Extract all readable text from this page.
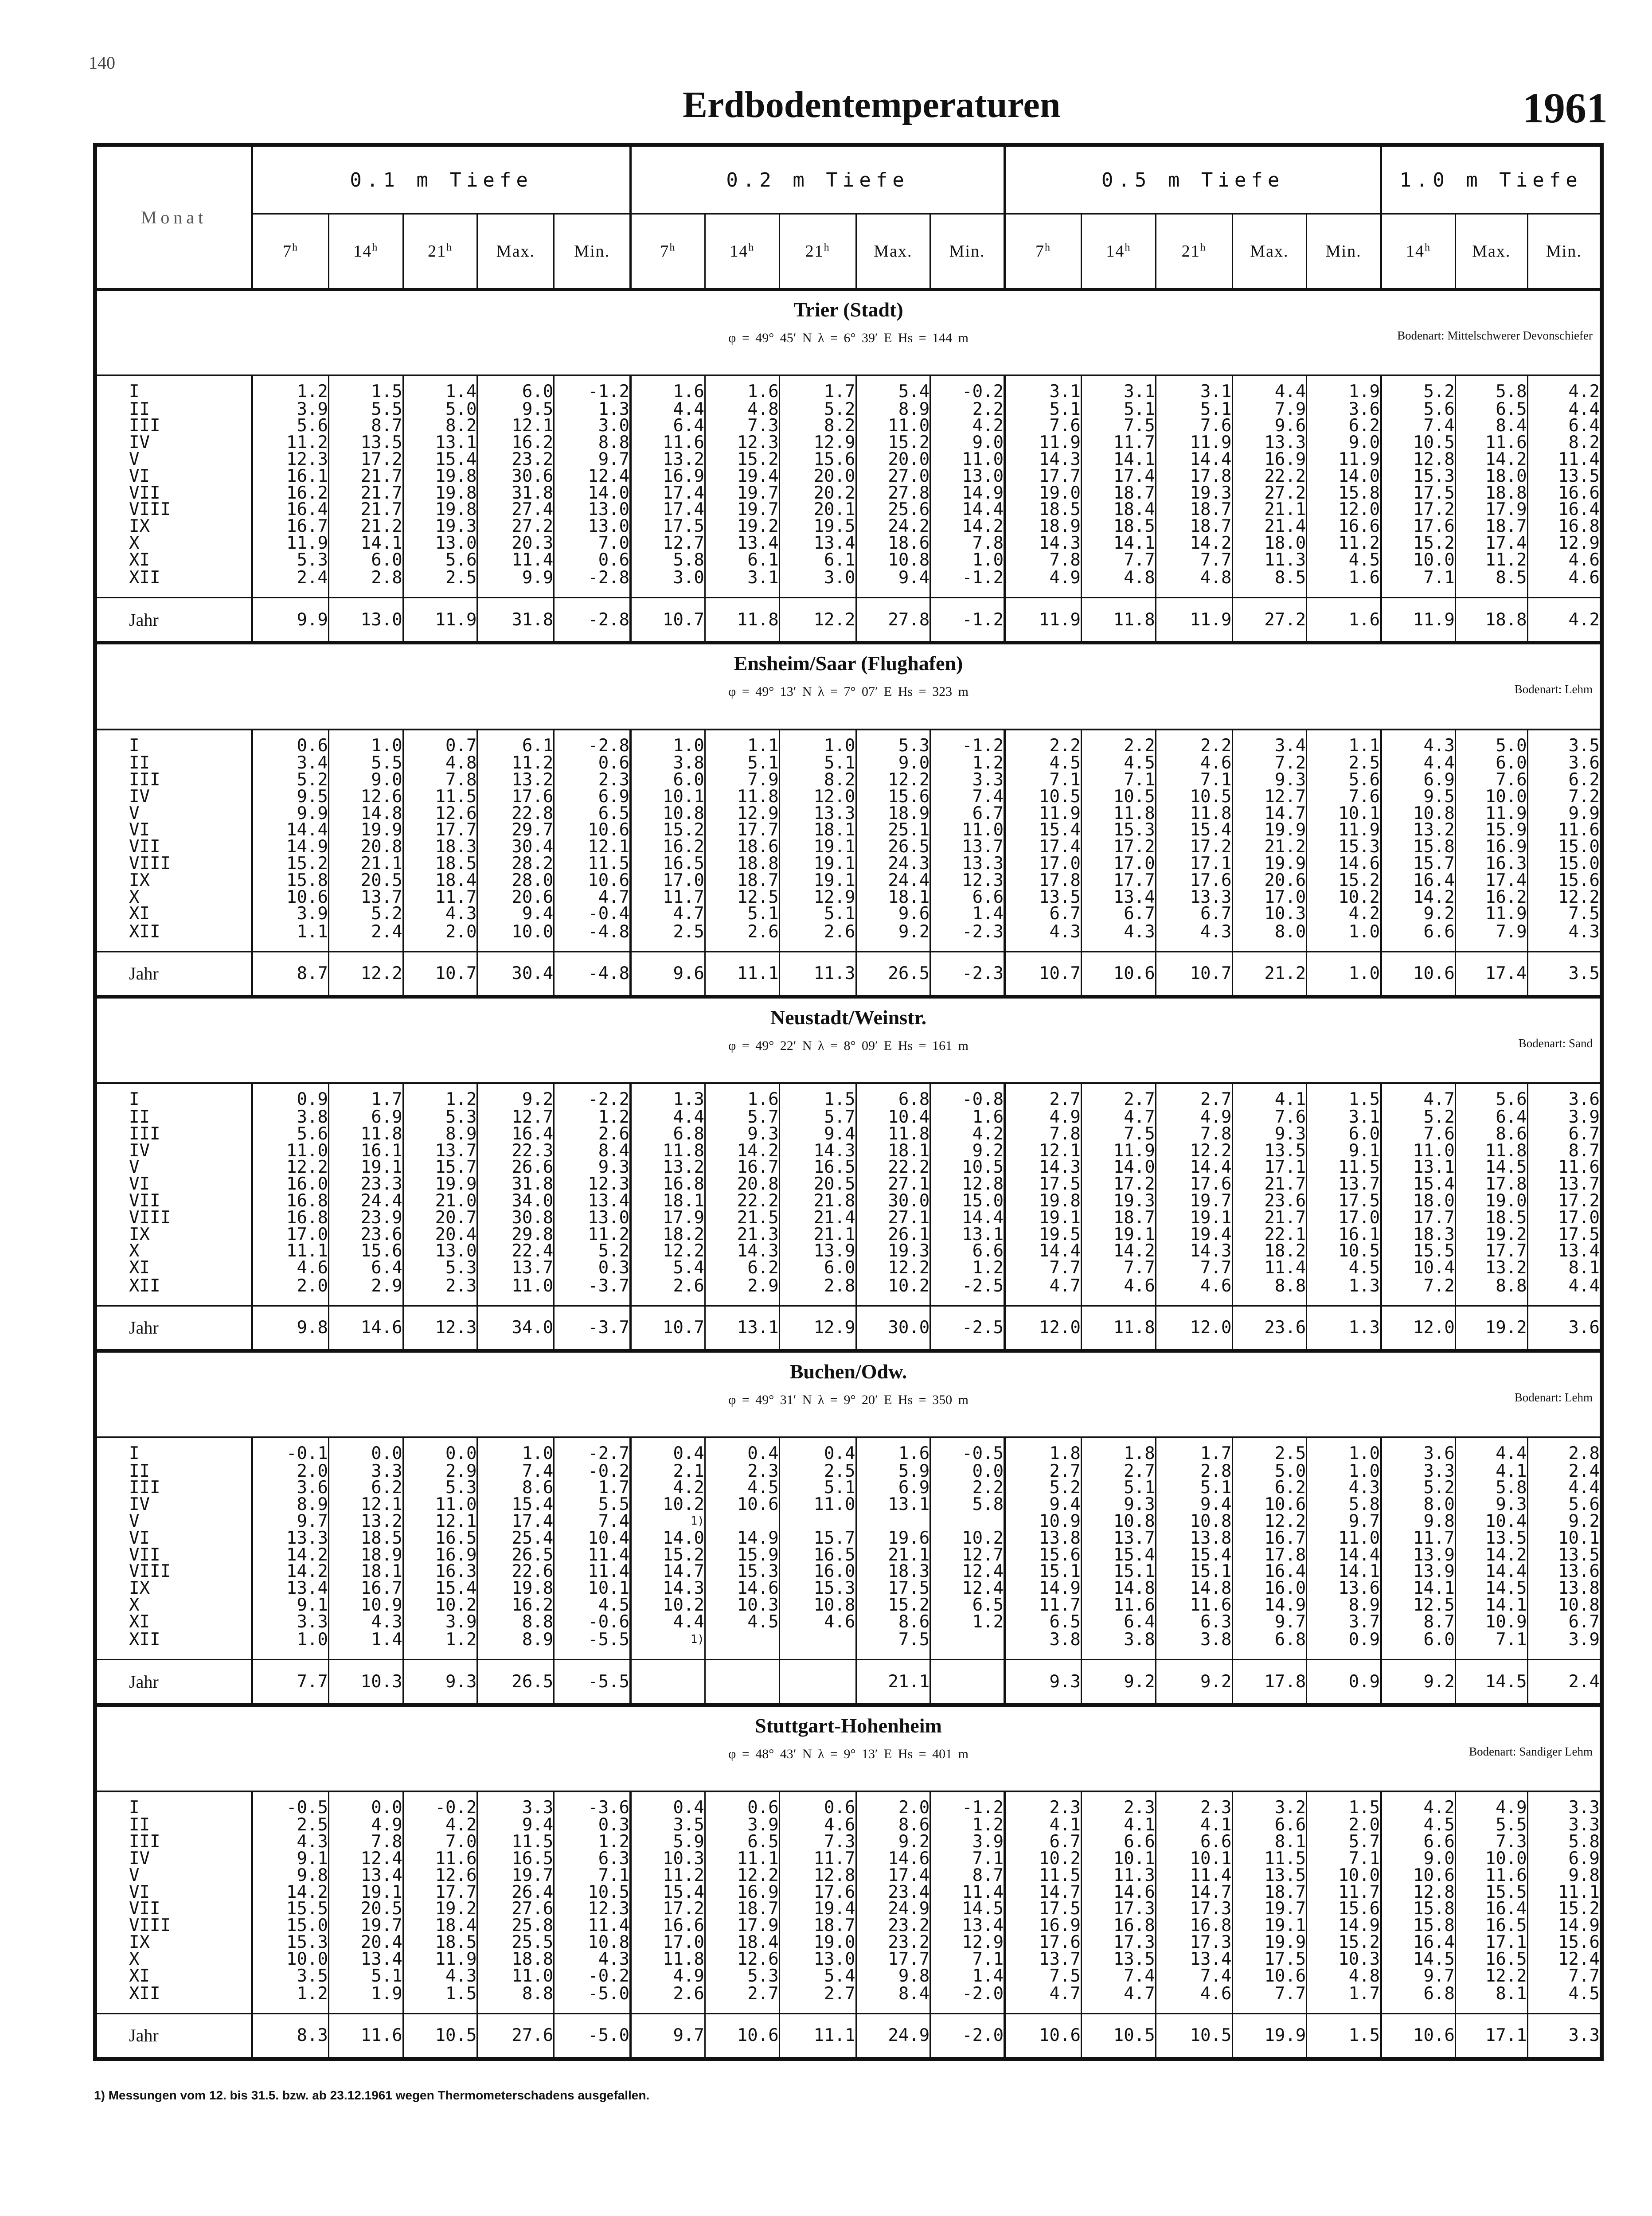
140
Erdbodentemperaturen	1961
Monat	0.1 m Tiefe					0.2 m Tiefe					0.5 m Tiefe					1.0 m Tiefe		
	7$^h$	14$^h$	21$^h$	Max.	Min.	7$^h$	14$^h$	21$^h$	Max.	Min.	7$^h$	14$^h$	21$^h$	Max.	Min.	14$^h$	Max.	Min.

Trier (Stadt)
φ = 49° 45′ N λ = 6° 39′ E Hs = 144 m Bodenart: Mittelschwerer Devonschiefer																		

I	1.2	1.5	1.4	6.0	-1.2	1.6	1.6	1.7	5.4	-0.2	3.1	3.1	3.1	4.4	1.9	5.2	5.8	4.2
II	3.9	5.5	5.0	9.5	1.3	4.4	4.8	5.2	8.9	2.2	5.1	5.1	5.1	7.9	3.6	5.6	6.5	4.4
III	5.6	8.7	8.2	12.1	3.0	6.4	7.3	8.2	11.0	4.2	7.6	7.5	7.6	9.6	6.2	7.4	8.4	6.4
IV	11.2	13.5	13.1	16.2	8.8	11.6	12.3	12.9	15.2	9.0	11.9	11.7	11.9	13.3	9.0	10.5	11.6	8.2
V	12.3	17.2	15.4	23.2	9.7	13.2	15.2	15.6	20.0	11.0	14.3	14.1	14.4	16.9	11.9	12.8	14.2	11.4
VI	16.1	21.7	19.8	30.6	12.4	16.9	19.4	20.0	27.0	13.0	17.7	17.4	17.8	22.2	14.0	15.3	18.0	13.5
VII	16.2	21.7	19.8	31.8	14.0	17.4	19.7	20.2	27.8	14.9	19.0	18.7	19.3	27.2	15.8	17.5	18.8	16.6
VIII	16.4	21.7	19.8	27.4	13.0	17.4	19.7	20.1	25.6	14.4	18.5	18.4	18.7	21.1	12.0	17.2	17.9	16.4
IX	16.7	21.2	19.3	27.2	13.0	17.5	19.2	19.5	24.2	14.2	18.9	18.5	18.7	21.4	16.6	17.6	18.7	16.8
X	11.9	14.1	13.0	20.3	7.0	12.7	13.4	13.4	18.6	7.8	14.3	14.1	14.2	18.0	11.2	15.2	17.4	12.9
XI	5.3	6.0	5.6	11.4	0.6	5.8	6.1	6.1	10.8	1.0	7.8	7.7	7.7	11.3	4.5	10.0	11.2	4.6
XII	2.4	2.8	2.5	9.9	-2.8	3.0	3.1	3.0	9.4	-1.2	4.9	4.8	4.8	8.5	1.6	7.1	8.5	4.6
Jahr	9.9	13.0	11.9	31.8	-2.8	10.7	11.8	12.2	27.8	-1.2	11.9	11.8	11.9	27.2	1.6	11.9	18.8	4.2

Ensheim/Saar (Flughafen)
φ = 49° 13′ N λ = 7° 07′ E Hs = 323 m Bodenart: Lehm																		

I	0.6	1.0	0.7	6.1	-2.8	1.0	1.1	1.0	5.3	-1.2	2.2	2.2	2.2	3.4	1.1	4.3	5.0	3.5
II	3.4	5.5	4.8	11.2	0.6	3.8	5.1	5.1	9.0	1.2	4.5	4.5	4.6	7.2	2.5	4.4	6.0	3.6
III	5.2	9.0	7.8	13.2	2.3	6.0	7.9	8.2	12.2	3.3	7.1	7.1	7.1	9.3	5.6	6.9	7.6	6.2
IV	9.5	12.6	11.5	17.6	6.9	10.1	11.8	12.0	15.6	7.4	10.5	10.5	10.5	12.7	7.6	9.5	10.0	7.2
V	9.9	14.8	12.6	22.8	6.5	10.8	12.9	13.3	18.9	6.7	11.9	11.8	11.8	14.7	10.1	10.8	11.9	9.9
VI	14.4	19.9	17.7	29.7	10.6	15.2	17.7	18.1	25.1	11.0	15.4	15.3	15.4	19.9	11.9	13.2	15.9	11.6
VII	14.9	20.8	18.3	30.4	12.1	16.2	18.6	19.1	26.5	13.7	17.4	17.2	17.2	21.2	15.3	15.8	16.9	15.0
VIII	15.2	21.1	18.5	28.2	11.5	16.5	18.8	19.1	24.3	13.3	17.0	17.0	17.1	19.9	14.6	15.7	16.3	15.0
IX	15.8	20.5	18.4	28.0	10.6	17.0	18.7	19.1	24.4	12.3	17.8	17.7	17.6	20.6	15.2	16.4	17.4	15.6
X	10.6	13.7	11.7	20.6	4.7	11.7	12.5	12.9	18.1	6.6	13.5	13.4	13.3	17.0	10.2	14.2	16.2	12.2
XI	3.9	5.2	4.3	9.4	-0.4	4.7	5.1	5.1	9.6	1.4	6.7	6.7	6.7	10.3	4.2	9.2	11.9	7.5
XII	1.1	2.4	2.0	10.0	-4.8	2.5	2.6	2.6	9.2	-2.3	4.3	4.3	4.3	8.0	1.0	6.6	7.9	4.3
Jahr	8.7	12.2	10.7	30.4	-4.8	9.6	11.1	11.3	26.5	-2.3	10.7	10.6	10.7	21.2	1.0	10.6	17.4	3.5

Neustadt/Weinstr.
φ = 49° 22′ N λ = 8° 09′ E Hs = 161 m Bodenart: Sand																		

I	0.9	1.7	1.2	9.2	-2.2	1.3	1.6	1.5	6.8	-0.8	2.7	2.7	2.7	4.1	1.5	4.7	5.6	3.6
II	3.8	6.9	5.3	12.7	1.2	4.4	5.7	5.7	10.4	1.6	4.9	4.7	4.9	7.6	3.1	5.2	6.4	3.9
III	5.6	11.8	8.9	16.4	2.6	6.8	9.3	9.4	11.8	4.2	7.8	7.5	7.8	9.3	6.0	7.6	8.6	6.7
IV	11.0	16.1	13.7	22.3	8.4	11.8	14.2	14.3	18.1	9.2	12.1	11.9	12.2	13.5	9.1	11.0	11.8	8.7
V	12.2	19.1	15.7	26.6	9.3	13.2	16.7	16.5	22.2	10.5	14.3	14.0	14.4	17.1	11.5	13.1	14.5	11.6
VI	16.0	23.3	19.9	31.8	12.3	16.8	20.8	20.5	27.1	12.8	17.5	17.2	17.6	21.7	13.7	15.4	17.8	13.7
VII	16.8	24.4	21.0	34.0	13.4	18.1	22.2	21.8	30.0	15.0	19.8	19.3	19.7	23.6	17.5	18.0	19.0	17.2
VIII	16.8	23.9	20.7	30.8	13.0	17.9	21.5	21.4	27.1	14.4	19.1	18.7	19.1	21.7	17.0	17.7	18.5	17.0
IX	17.0	23.6	20.4	29.8	11.2	18.2	21.3	21.1	26.1	13.1	19.5	19.1	19.4	22.1	16.1	18.3	19.2	17.5
X	11.1	15.6	13.0	22.4	5.2	12.2	14.3	13.9	19.3	6.6	14.4	14.2	14.3	18.2	10.5	15.5	17.7	13.4
XI	4.6	6.4	5.3	13.7	0.3	5.4	6.2	6.0	12.2	1.2	7.7	7.7	7.7	11.4	4.5	10.4	13.2	8.1
XII	2.0	2.9	2.3	11.0	-3.7	2.6	2.9	2.8	10.2	-2.5	4.7	4.6	4.6	8.8	1.3	7.2	8.8	4.4
Jahr	9.8	14.6	12.3	34.0	-3.7	10.7	13.1	12.9	30.0	-2.5	12.0	11.8	12.0	23.6	1.3	12.0	19.2	3.6

Buchen/Odw.
φ = 49° 31′ N λ = 9° 20′ E Hs = 350 m Bodenart: Lehm																		

I	-0.1	0.0	0.0	1.0	-2.7	0.4	0.4	0.4	1.6	-0.5	1.8	1.8	1.7	2.5	1.0	3.6	4.4	2.8
II	2.0	3.3	2.9	7.4	-0.2	2.1	2.3	2.5	5.9	0.0	2.7	2.7	2.8	5.0	1.0	3.3	4.1	2.4
III	3.6	6.2	5.3	8.6	1.7	4.2	4.5	5.1	6.9	2.2	5.2	5.1	5.1	6.2	4.3	5.2	5.8	4.4
IV	8.9	12.1	11.0	15.4	5.5	10.2	10.6	11.0	13.1	5.8	9.4	9.3	9.4	10.6	5.8	8.0	9.3	5.6
V	9.7	13.2	12.1	17.4	7.4	1)					10.9	10.8	10.8	12.2	9.7	9.8	10.4	9.2
VI	13.3	18.5	16.5	25.4	10.4	14.0	14.9	15.7	19.6	10.2	13.8	13.7	13.8	16.7	11.0	11.7	13.5	10.1
VII	14.2	18.9	16.9	26.5	11.4	15.2	15.9	16.5	21.1	12.7	15.6	15.4	15.4	17.8	14.4	13.9	14.2	13.5
VIII	14.2	18.1	16.3	22.6	11.4	14.7	15.3	16.0	18.3	12.4	15.1	15.1	15.1	16.4	14.1	13.9	14.4	13.6
IX	13.4	16.7	15.4	19.8	10.1	14.3	14.6	15.3	17.5	12.4	14.9	14.8	14.8	16.0	13.6	14.1	14.5	13.8
X	9.1	10.9	10.2	16.2	4.5	10.2	10.3	10.8	15.2	6.5	11.7	11.6	11.6	14.9	8.9	12.5	14.1	10.8
XI	3.3	4.3	3.9	8.8	-0.6	4.4	4.5	4.6	8.6	1.2	6.5	6.4	6.3	9.7	3.7	8.7	10.9	6.7
XII	1.0	1.4	1.2	8.9	-5.5	1)			7.5		3.8	3.8	3.8	6.8	0.9	6.0	7.1	3.9
Jahr	7.7	10.3	9.3	26.5	-5.5				21.1		9.3	9.2	9.2	17.8	0.9	9.2	14.5	2.4

Stuttgart-Hohenheim
φ = 48° 43′ N λ = 9° 13′ E Hs = 401 m Bodenart: Sandiger Lehm																		

I	-0.5	0.0	-0.2	3.3	-3.6	0.4	0.6	0.6	2.0	-1.2	2.3	2.3	2.3	3.2	1.5	4.2	4.9	3.3
II	2.5	4.9	4.2	9.4	0.3	3.5	3.9	4.6	8.6	1.2	4.1	4.1	4.1	6.6	2.0	4.5	5.5	3.3
III	4.3	7.8	7.0	11.5	1.2	5.9	6.5	7.3	9.2	3.9	6.7	6.6	6.6	8.1	5.7	6.6	7.3	5.8
IV	9.1	12.4	11.6	16.5	6.3	10.3	11.1	11.7	14.6	7.1	10.2	10.1	10.1	11.5	7.1	9.0	10.0	6.9
V	9.8	13.4	12.6	19.7	7.1	11.2	12.2	12.8	17.4	8.7	11.5	11.3	11.4	13.5	10.0	10.6	11.6	9.8
VI	14.2	19.1	17.7	26.4	10.5	15.4	16.9	17.6	23.4	11.4	14.7	14.6	14.7	18.7	11.7	12.8	15.5	11.1
VII	15.5	20.5	19.2	27.6	12.3	17.2	18.7	19.4	24.9	14.5	17.5	17.3	17.3	19.7	15.6	15.8	16.4	15.2
VIII	15.0	19.7	18.4	25.8	11.4	16.6	17.9	18.7	23.2	13.4	16.9	16.8	16.8	19.1	14.9	15.8	16.5	14.9
IX	15.3	20.4	18.5	25.5	10.8	17.0	18.4	19.0	23.2	12.9	17.6	17.3	17.3	19.9	15.2	16.4	17.1	15.6
X	10.0	13.4	11.9	18.8	4.3	11.8	12.6	13.0	17.7	7.1	13.7	13.5	13.4	17.5	10.3	14.5	16.5	12.4
XI	3.5	5.1	4.3	11.0	-0.2	4.9	5.3	5.4	9.8	1.4	7.5	7.4	7.4	10.6	4.8	9.7	12.2	7.7
XII	1.2	1.9	1.5	8.8	-5.0	2.6	2.7	2.7	8.4	-2.0	4.7	4.7	4.6	7.7	1.7	6.8	8.1	4.5
Jahr	8.3	11.6	10.5	27.6	-5.0	9.7	10.6	11.1	24.9	-2.0	10.6	10.5	10.5	19.9	1.5	10.6	17.1	3.3
1) Messungen vom 12. bis 31.5. bzw. ab 23.12.1961 wegen Thermometerschadens ausgefallen.
